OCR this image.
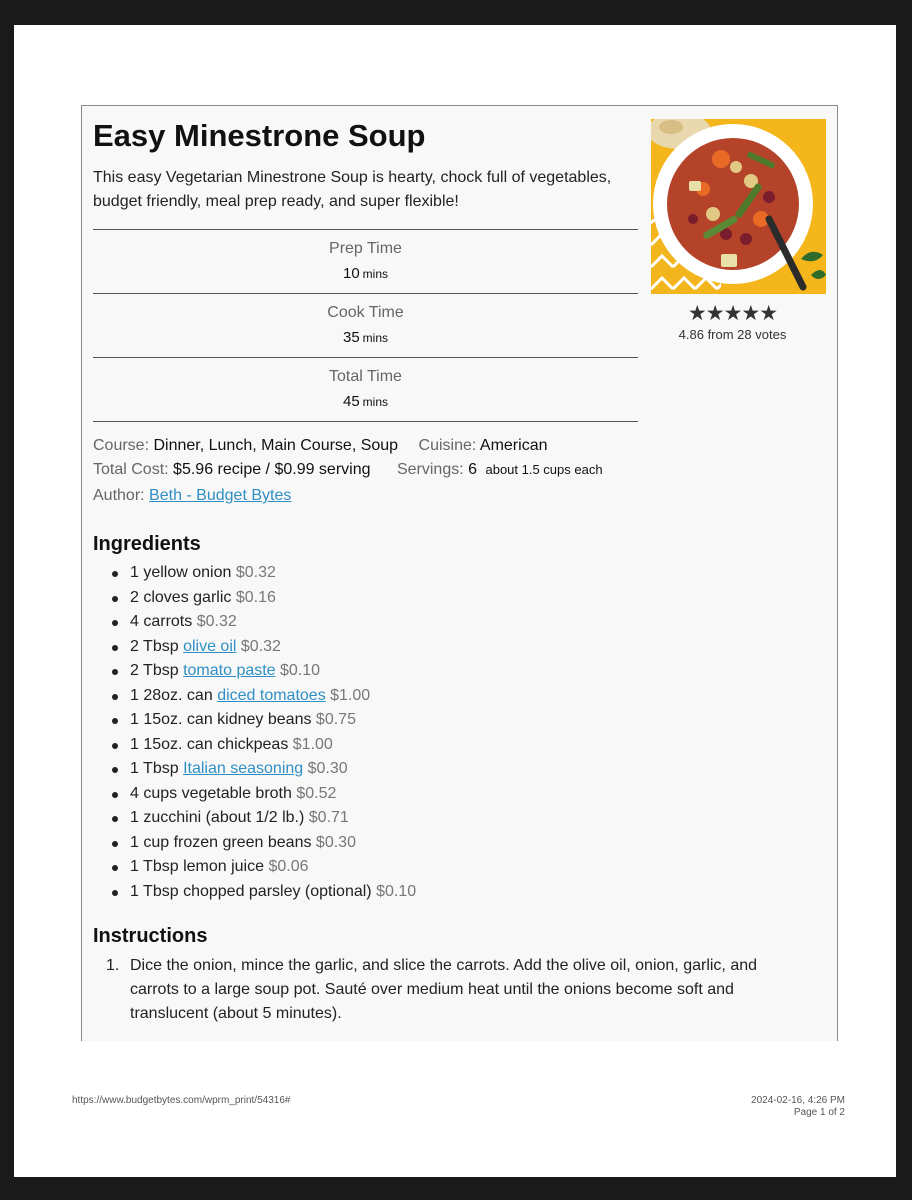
Easy Minestrone Soup
This easy Vegetarian Minestrone Soup is hearty, chock full of vegetables, budget friendly, meal prep ready, and super flexible!
Prep Time
10 mins
Cook Time
35 mins
Total Time
45 mins
★★★★★
4.86 from 28 votes
Course: Dinner, Lunch, Main Course, Soup Cuisine: American
Total Cost: $5.96 recipe / $0.99 serving Servings: 6 about 1.5 cups each
Author: Beth - Budget Bytes
Ingredients
1 yellow onion $0.32
2 cloves garlic $0.16
4 carrots $0.32
2 Tbsp olive oil $0.32
2 Tbsp tomato paste $0.10
1 28oz. can diced tomatoes $1.00
1 15oz. can kidney beans $0.75
1 15oz. can chickpeas $1.00
1 Tbsp Italian seasoning $0.30
4 cups vegetable broth $0.52
1 zucchini (about 1/2 lb.) $0.71
1 cup frozen green beans $0.30
1 Tbsp lemon juice $0.06
1 Tbsp chopped parsley (optional) $0.10
Instructions
1. Dice the onion, mince the garlic, and slice the carrots. Add the olive oil, onion, garlic, and carrots to a large soup pot. Sauté over medium heat until the onions become soft and translucent (about 5 minutes).
https://www.budgetbytes.com/wprm_print/54316#	2024-02-16, 4:26 PM
Page 1 of 2
